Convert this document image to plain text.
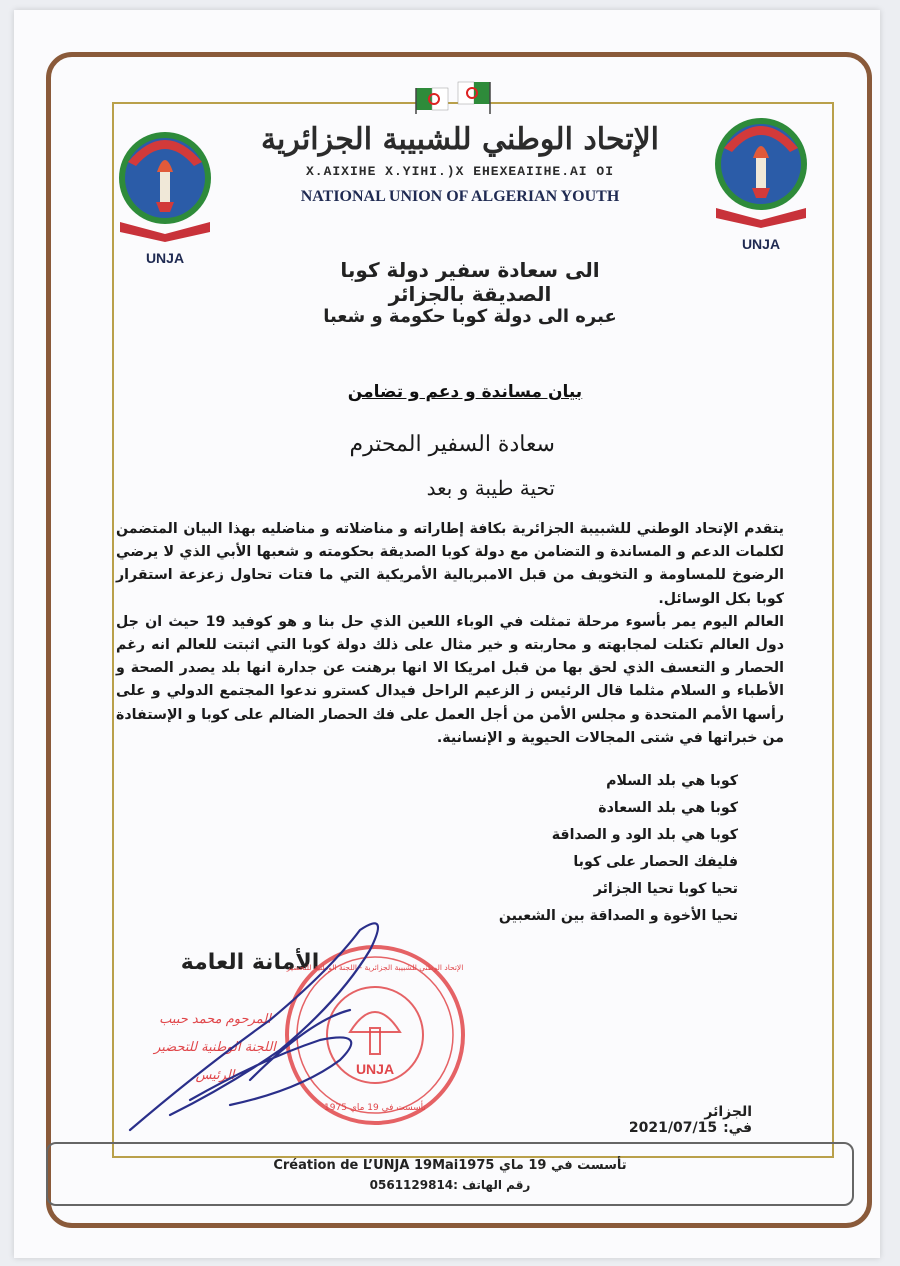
UNJA
UNJA
الإتحاد الوطني للشبيبة الجزائرية
X.AIXIHE X.YIHI.)X EHEXEAIIHE.AI OI
NATIONAL UNION OF ALGERIAN YOUTH
الى سعادة سفير دولة كوبا الصديقة بالجزائر
عبره الى دولة كوبا حكومة و شعبا
بيان مساندة و دعم و تضامن
سعادة السفير المحترم
تحية طيبة و بعد

يتقدم الإتحاد الوطني للشبيبة الجزائرية بكافة إطاراته و مناضلاته و مناضليه بهذا البيان المتضمن لكلمات الدعم و المساندة و التضامن مع دولة كوبا الصديقة بحكومته و شعبها الأبي الذي لا يرضي الرضوخ للمساومة و التخويف من قبل الامبريالية الأمريكية التي ما فتات تحاول زعزعة استقرار كوبا بكل الوسائل.

العالم اليوم يمر بأسوء مرحلة تمثلت في الوباء اللعين الذي حل بنا و هو كوفيد 19 حيث ان جل دول العالم تكتلت لمجابهته و محاربته و خير مثال على ذلك دولة كوبا التي اثبتت للعالم انه رغم الحصار و التعسف الذي لحق بها من قبل امريكا الا انها برهنت عن جدارة انها بلد يصدر الصحة و الأطباء و السلام مثلما قال الرئيس ز الزعيم الراحل فيدال كسترو ندعوا المجتمع الدولي و على رأسها الأمم المتحدة و مجلس الأمن من أجل العمل على فك الحصار الضالم على كوبا و الإستفادة من خبراتها في شتى المجالات الحيوية و الإنسانية.

كوبا هي بلد السلام
كوبا هي بلد السعادة
كوبا هي بلد الود و الصداقة
فليفك الحصار على كوبا
تحيا كوبا تحيا الجزائر
تحيا الأخوة و الصداقة بين الشعبين
الأمانة العامة
المرحوم محمد حبيب
اللجنة الوطنية للتحضير
الرئيس	UNJA
الإتحاد الوطني للشبيبة الجزائرية - اللجنة الوطنية للتحضير
تأسست في 19 ماي 1975	الجزائر في:2021/07/15
Création de L’UNJA 19Mai1975 تأسست في 19 ماي
رقم الهاتف :0561129814
